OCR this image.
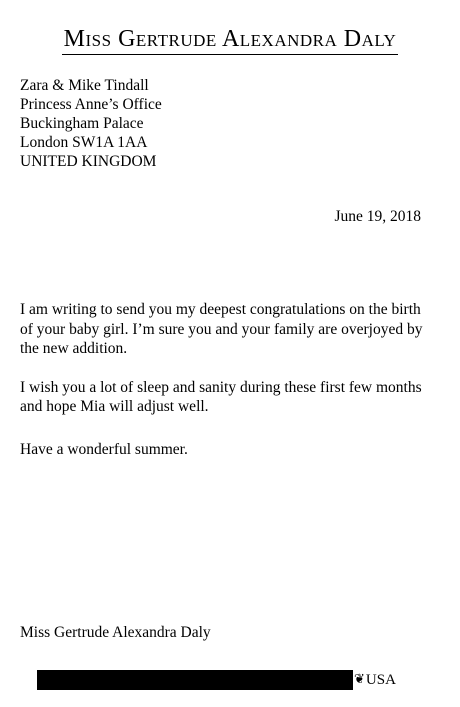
Miss Gertrude Alexandra Daly
Zara & Mike Tindall
Princess Anne’s Office
Buckingham Palace
London SW1A 1AA
UNITED KINGDOM
June 19, 2018

I am writing to send you my deepest congratulations on the birth of your baby girl. I’m sure you and your family are overjoyed by the new addition.

I wish you a lot of sleep and sanity during these first few months and hope Mia will adjust well.

Have a wonderful summer.

Miss Gertrude Alexandra Daly
❦ USA
